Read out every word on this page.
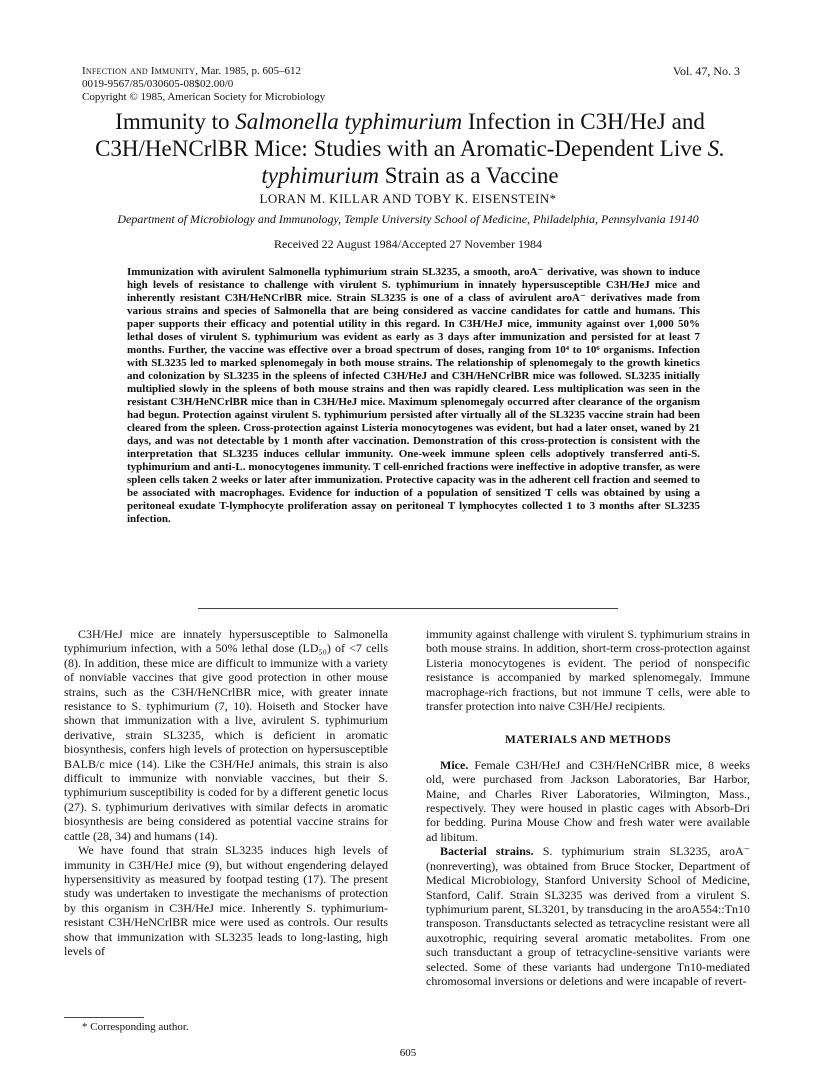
Infection and Immunity, Mar. 1985, p. 605–612
0019-9567/85/030605-08$02.00/0
Copyright © 1985, American Society for Microbiology
Vol. 47, No. 3
Immunity to Salmonella typhimurium Infection in C3H/HeJ and C3H/HeNCrlBR Mice: Studies with an Aromatic-Dependent Live S. typhimurium Strain as a Vaccine
LORAN M. KILLAR AND TOBY K. EISENSTEIN*
Department of Microbiology and Immunology, Temple University School of Medicine, Philadelphia, Pennsylvania 19140
Received 22 August 1984/Accepted 27 November 1984

Immunization with avirulent Salmonella typhimurium strain SL3235, a smooth, aroA⁻ derivative, was shown to induce high levels of resistance to challenge with virulent S. typhimurium in innately hypersusceptible C3H/HeJ mice and inherently resistant C3H/HeNCrlBR mice. Strain SL3235 is one of a class of avirulent aroA⁻ derivatives made from various strains and species of Salmonella that are being considered as vaccine candidates for cattle and humans. This paper supports their efficacy and potential utility in this regard. In C3H/HeJ mice, immunity against over 1,000 50% lethal doses of virulent S. typhimurium was evident as early as 3 days after immunization and persisted for at least 7 months. Further, the vaccine was effective over a broad spectrum of doses, ranging from 10⁴ to 10⁶ organisms. Infection with SL3235 led to marked splenomegaly in both mouse strains. The relationship of splenomegaly to the growth kinetics and colonization by SL3235 in the spleens of infected C3H/HeJ and C3H/HeNCrlBR mice was followed. SL3235 initially multiplied slowly in the spleens of both mouse strains and then was rapidly cleared. Less multiplication was seen in the resistant C3H/HeNCrlBR mice than in C3H/HeJ mice. Maximum splenomegaly occurred after clearance of the organism had begun. Protection against virulent S. typhimurium persisted after virtually all of the SL3235 vaccine strain had been cleared from the spleen. Cross-protection against Listeria monocytogenes was evident, but had a later onset, waned by 21 days, and was not detectable by 1 month after vaccination. Demonstration of this cross-protection is consistent with the interpretation that SL3235 induces cellular immunity. One-week immune spleen cells adoptively transferred anti-S. typhimurium and anti-L. monocytogenes immunity. T cell-enriched fractions were ineffective in adoptive transfer, as were spleen cells taken 2 weeks or later after immunization. Protective capacity was in the adherent cell fraction and seemed to be associated with macrophages. Evidence for induction of a population of sensitized T cells was obtained by using a peritoneal exudate T-lymphocyte proliferation assay on peritoneal T lymphocytes collected 1 to 3 months after SL3235 infection.

C3H/HeJ mice are innately hypersusceptible to Salmonella typhimurium infection, with a 50% lethal dose (LD₅₀) of <7 cells (8). In addition, these mice are difficult to immunize with a variety of nonviable vaccines that give good protection in other mouse strains, such as the C3H/HeNCrlBR mice, with greater innate resistance to S. typhimurium (7, 10). Hoiseth and Stocker have shown that immunization with a live, avirulent S. typhimurium derivative, strain SL3235, which is deficient in aromatic biosynthesis, confers high levels of protection on hypersusceptible BALB/c mice (14). Like the C3H/HeJ animals, this strain is also difficult to immunize with nonviable vaccines, but their S. typhimurium susceptibility is coded for by a different genetic locus (27). S. typhimurium derivatives with similar defects in aromatic biosynthesis are being considered as potential vaccine strains for cattle (28, 34) and humans (14).

We have found that strain SL3235 induces high levels of immunity in C3H/HeJ mice (9), but without engendering delayed hypersensitivity as measured by footpad testing (17). The present study was undertaken to investigate the mechanisms of protection by this organism in C3H/HeJ mice. Inherently S. typhimurium-resistant C3H/HeNCrlBR mice were used as controls. Our results show that immunization with SL3235 leads to long-lasting, high levels of

immunity against challenge with virulent S. typhimurium strains in both mouse strains. In addition, short-term cross-protection against Listeria monocytogenes is evident. The period of nonspecific resistance is accompanied by marked splenomegaly. Immune macrophage-rich fractions, but not immune T cells, were able to transfer protection into naive C3H/HeJ recipients.

MATERIALS AND METHODS

Mice. Female C3H/HeJ and C3H/HeNCrlBR mice, 8 weeks old, were purchased from Jackson Laboratories, Bar Harbor, Maine, and Charles River Laboratories, Wilmington, Mass., respectively. They were housed in plastic cages with Absorb-Dri for bedding. Purina Mouse Chow and fresh water were available ad libitum.

Bacterial strains. S. typhimurium strain SL3235, aroA⁻ (nonreverting), was obtained from Bruce Stocker, Department of Medical Microbiology, Stanford University School of Medicine, Stanford, Calif. Strain SL3235 was derived from a virulent S. typhimurium parent, SL3201, by transducing in the aroA554::Tn10 transposon. Transductants selected as tetracycline resistant were all auxotrophic, requiring several aromatic metabolites. From one such transductant a group of tetracycline-sensitive variants were selected. Some of these variants had undergone Tn10-mediated chromosomal inversions or deletions and were incapable of revert-

* Corresponding author.
605
